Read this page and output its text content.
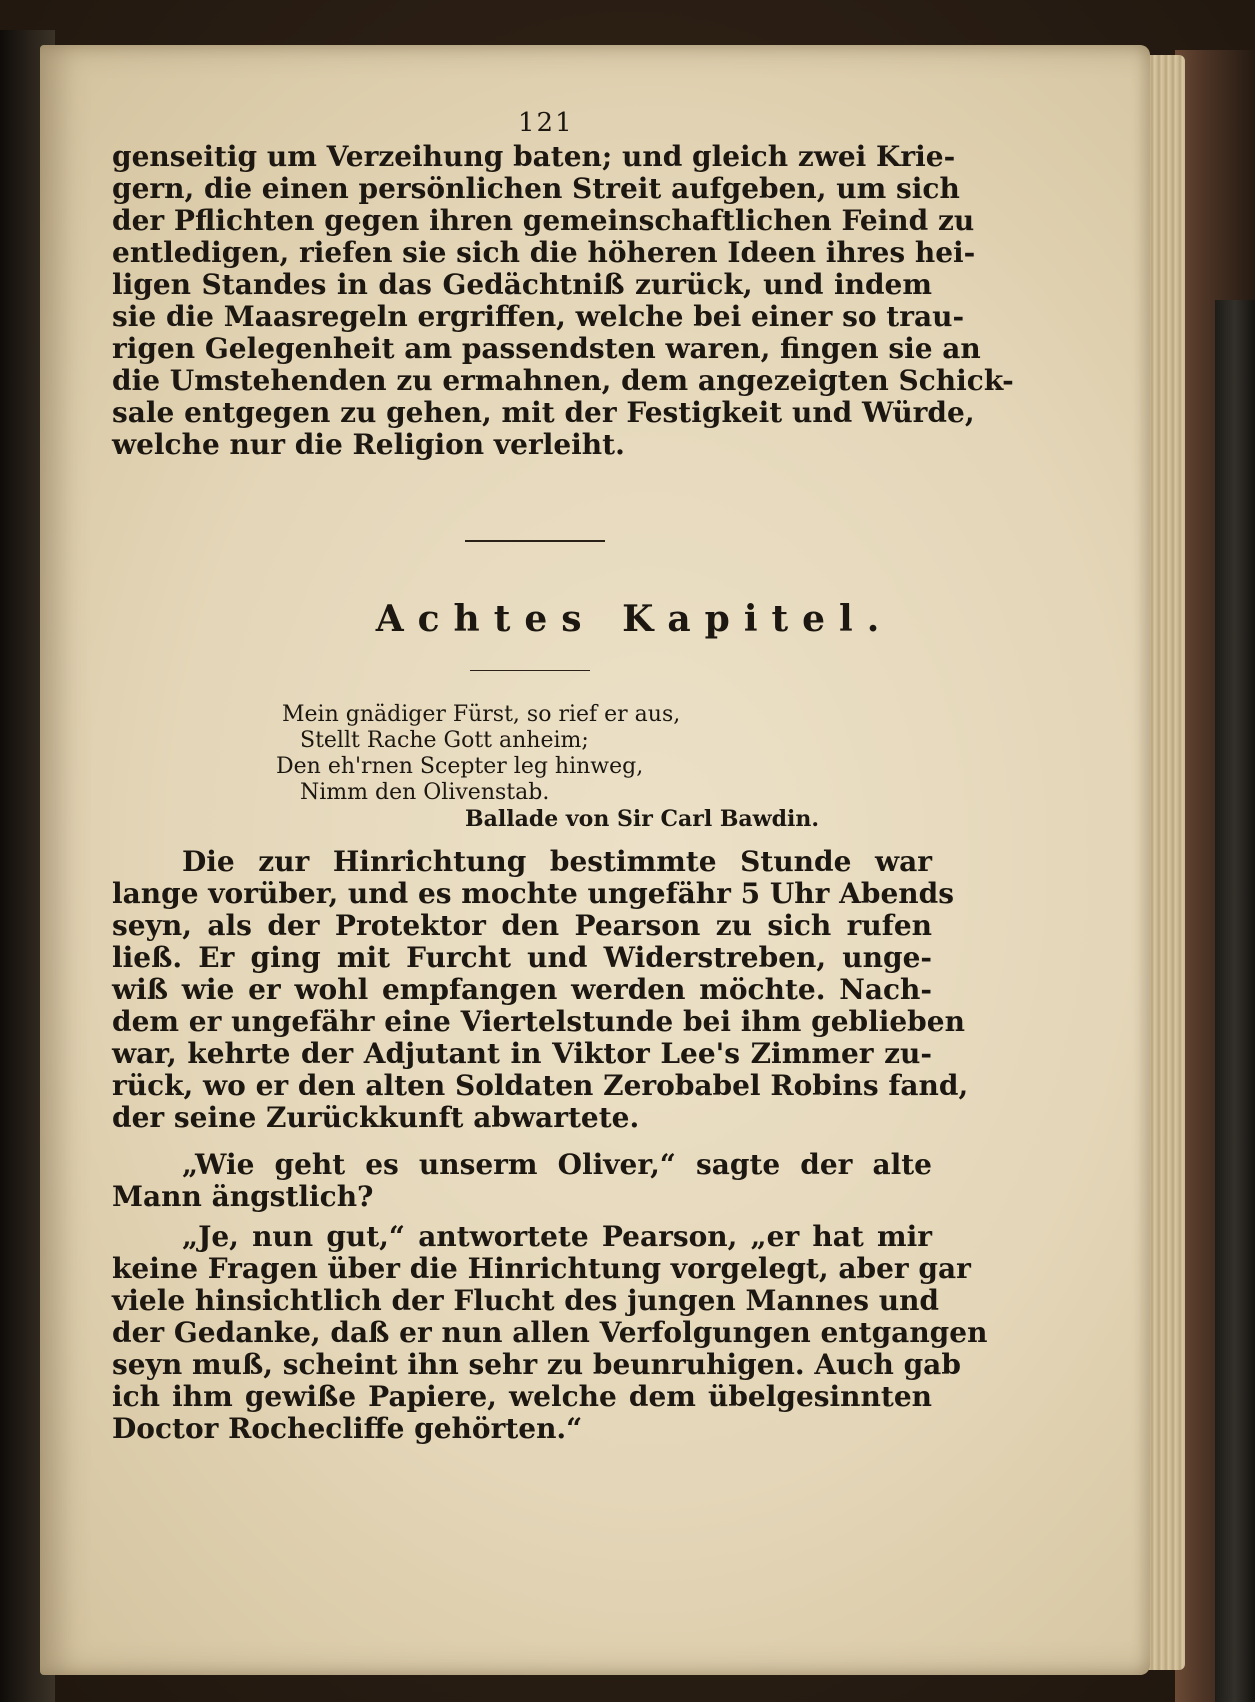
121
genseitig um Verzeihung baten; und gleich zwei Krie-
gern, die einen persönlichen Streit aufgeben, um sich
der Pflichten gegen ihren gemeinschaftlichen Feind zu
entledigen, riefen sie sich die höheren Ideen ihres hei-
ligen Standes in das Gedächtniß zurück, und indem
sie die Maasregeln ergriffen, welche bei einer so trau-
rigen Gelegenheit am passendsten waren, fingen sie an
die Umstehenden zu ermahnen, dem angezeigten Schick-
sale entgegen zu gehen, mit der Festigkeit und Würde,
welche nur die Religion verleiht.
Achtes Kapitel.
Mein gnädiger Fürst, so rief er aus,
Stellt Rache Gott anheim;
Den eh'rnen Scepter leg hinweg,
Nimm den Olivenstab.
Ballade von Sir Carl Bawdin.
Die zur Hinrichtung bestimmte Stunde war
lange vorüber, und es mochte ungefähr 5 Uhr Abends
seyn, als der Protektor den Pearson zu sich rufen
ließ. Er ging mit Furcht und Widerstreben, unge-
wiß wie er wohl empfangen werden möchte. Nach-
dem er ungefähr eine Viertelstunde bei ihm geblieben
war, kehrte der Adjutant in Viktor Lee's Zimmer zu-
rück, wo er den alten Soldaten Zerobabel Robins fand,
der seine Zurückkunft abwartete.
„Wie geht es unserm Oliver,“ sagte der alte
Mann ängstlich?
„Je, nun gut,“ antwortete Pearson, „er hat mir
keine Fragen über die Hinrichtung vorgelegt, aber gar
viele hinsichtlich der Flucht des jungen Mannes und
der Gedanke, daß er nun allen Verfolgungen entgangen
seyn muß, scheint ihn sehr zu beunruhigen. Auch gab
ich ihm gewiße Papiere, welche dem übelgesinnten
Doctor Rochecliffe gehörten.“
